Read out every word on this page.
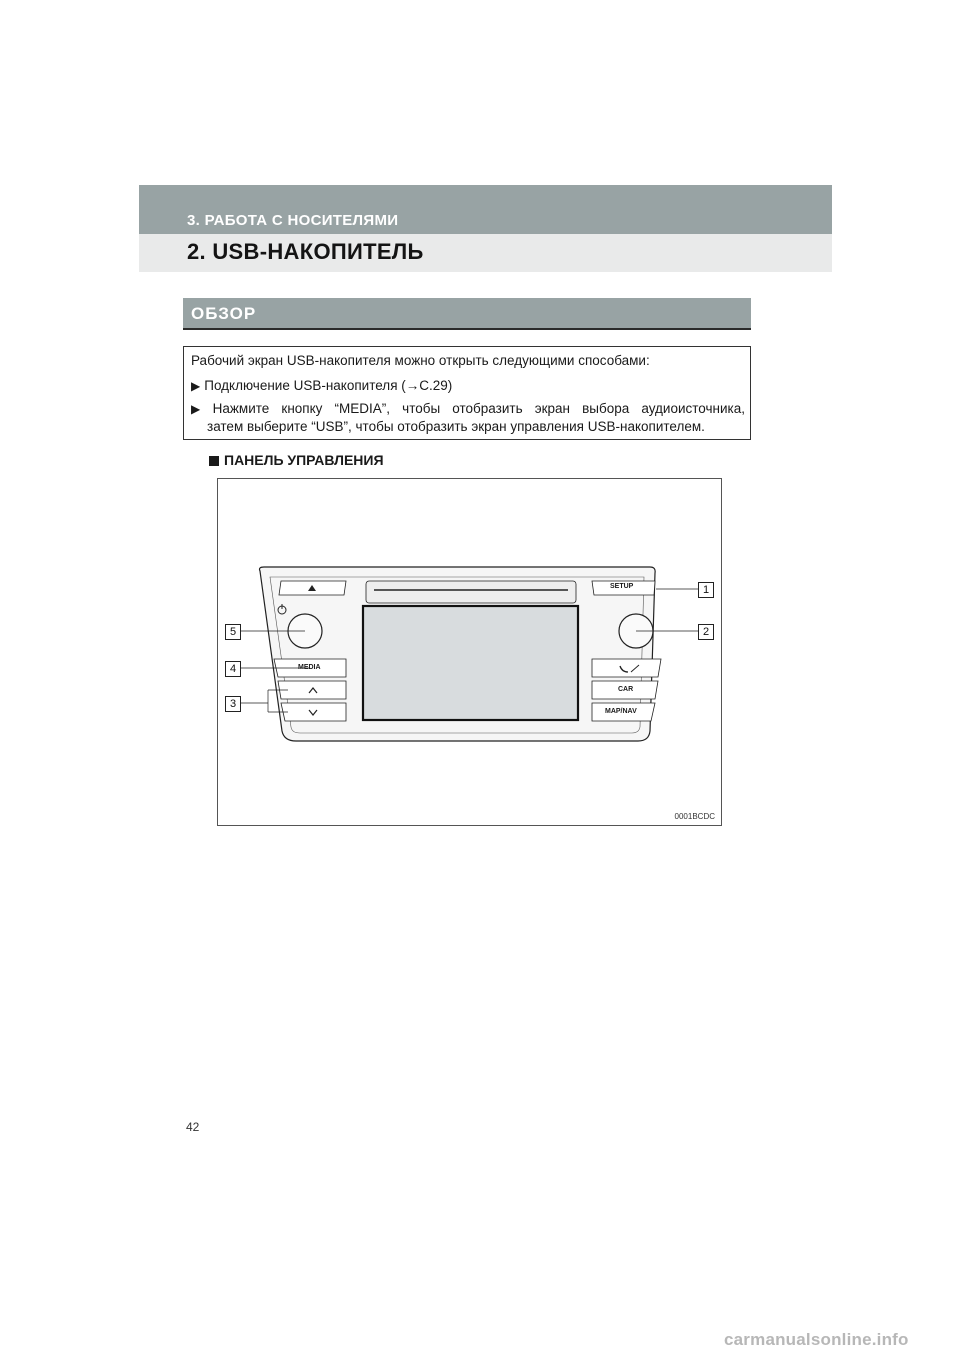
3. РАБОТА С НОСИТЕЛЯМИ
2. USB-НАКОПИТЕЛЬ
ОБЗОР
Рабочий экран USB-накопителя можно открыть следующими способами:
▶ Подключение USB-накопителя (→С.29)
▶ Нажмите кнопку “MEDIA”, чтобы отобразить экран выбора аудиоисточника,
затем выберите “USB”, чтобы отобразить экран управления USB-накопителем.
ПАНЕЛЬ УПРАВЛЕНИЯ
SETUP
MEDIA
CAR
MAP/NAV
1
2
3
4
5
0001BCDC
42
carmanualsonline.info
